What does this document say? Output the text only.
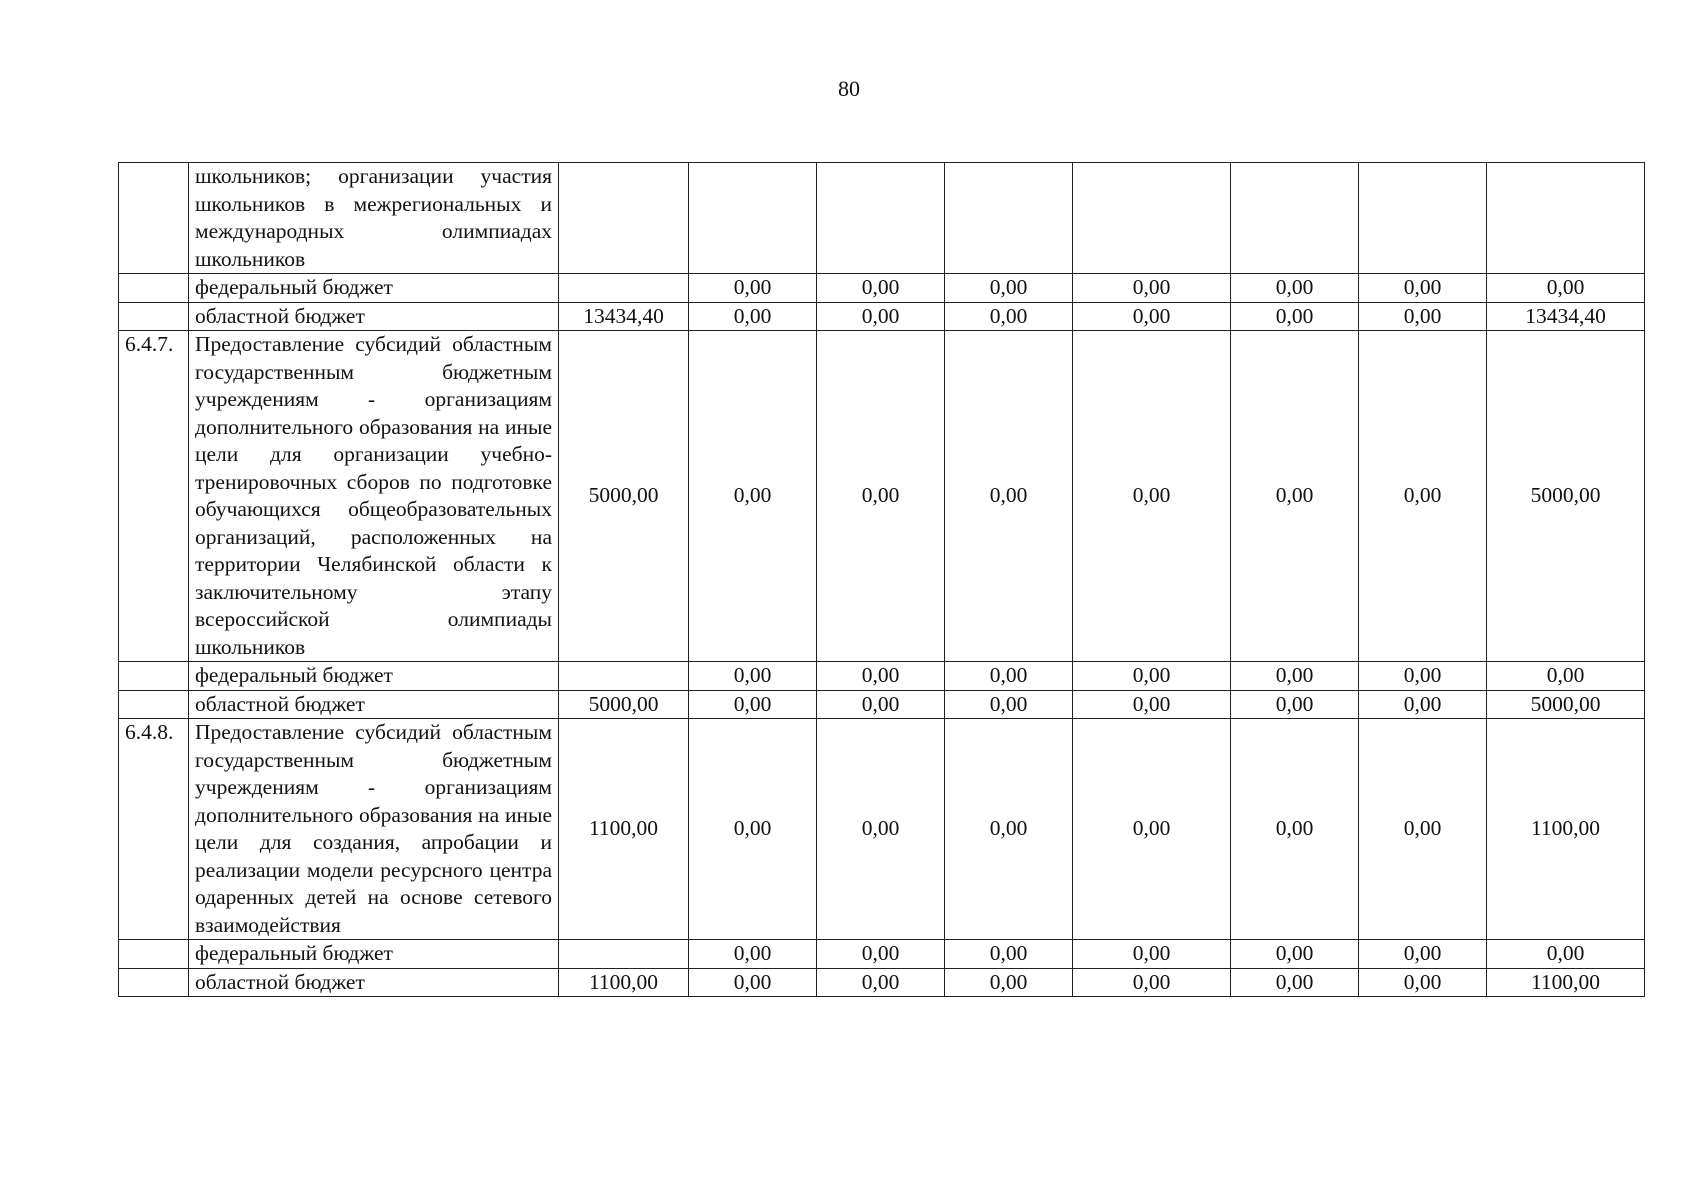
80
	школьников; организации участия школьников в межрегиональных и международных олимпиадах школьников								
	федеральный бюджет		0,00	0,00	0,00	0,00	0,00	0,00	0,00
	областной бюджет	13434,40	0,00	0,00	0,00	0,00	0,00	0,00	13434,40
6.4.7.	Предоставление субсидий областным государственным бюджетным учреждениям - организациям дополнительного образования на иные цели для организации учебно-тренировочных сборов по подготовке обучающихся общеобразовательных организаций, расположенных на территории Челябинской области к заключительному этапу всероссийской олимпиады школьников	5000,00	0,00	0,00	0,00	0,00	0,00	0,00	5000,00
	федеральный бюджет		0,00	0,00	0,00	0,00	0,00	0,00	0,00
	областной бюджет	5000,00	0,00	0,00	0,00	0,00	0,00	0,00	5000,00
6.4.8.	Предоставление субсидий областным государственным бюджетным учреждениям - организациям дополнительного образования на иные цели для создания, апробации и реализации модели ресурсного центра одаренных детей на основе сетевого взаимодействия	1100,00	0,00	0,00	0,00	0,00	0,00	0,00	1100,00
	федеральный бюджет		0,00	0,00	0,00	0,00	0,00	0,00	0,00
	областной бюджет	1100,00	0,00	0,00	0,00	0,00	0,00	0,00	1100,00
